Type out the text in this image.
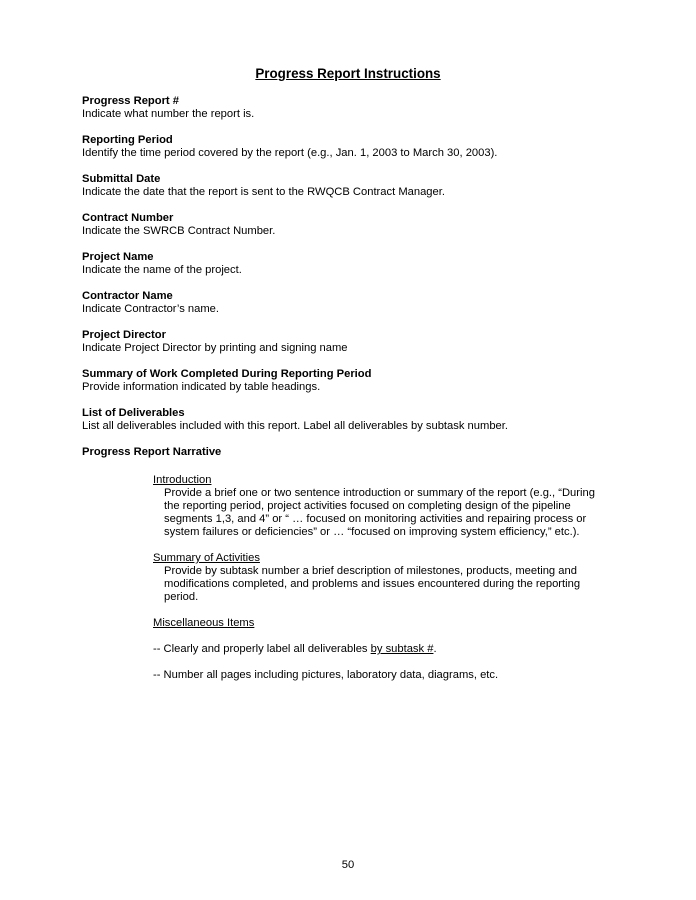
Progress Report Instructions
Progress Report #

Indicate what number the report is.

Reporting Period

Identify the time period covered by the report (e.g., Jan. 1, 2003 to March 30, 2003).

Submittal Date

Indicate the date that the report is sent to the RWQCB Contract Manager.

Contract Number

Indicate the SWRCB Contract Number.

Project Name

Indicate the name of the project.

Contractor Name

Indicate Contractor’s name.

Project Director

Indicate Project Director by printing and signing name

Summary of Work Completed During Reporting Period

Provide information indicated by table headings.

List of Deliverables

List all deliverables included with this report. Label all deliverables by subtask number.

Progress Report Narrative
Introduction
Provide a brief one or two sentence introduction or summary of the report (e.g., “During the reporting period, project activities focused on completing design of the pipeline segments 1,3, and 4” or “ … focused on monitoring activities and repairing process or system failures or deficiencies” or … “focused on improving system efficiency,” etc.).
Summary of Activities
Provide by subtask number a brief description of milestones, products, meeting and modifications completed, and problems and issues encountered during the reporting period.
Miscellaneous Items
-- Clearly and properly label all deliverables by subtask #.
-- Number all pages including pictures, laboratory data, diagrams, etc.
50
